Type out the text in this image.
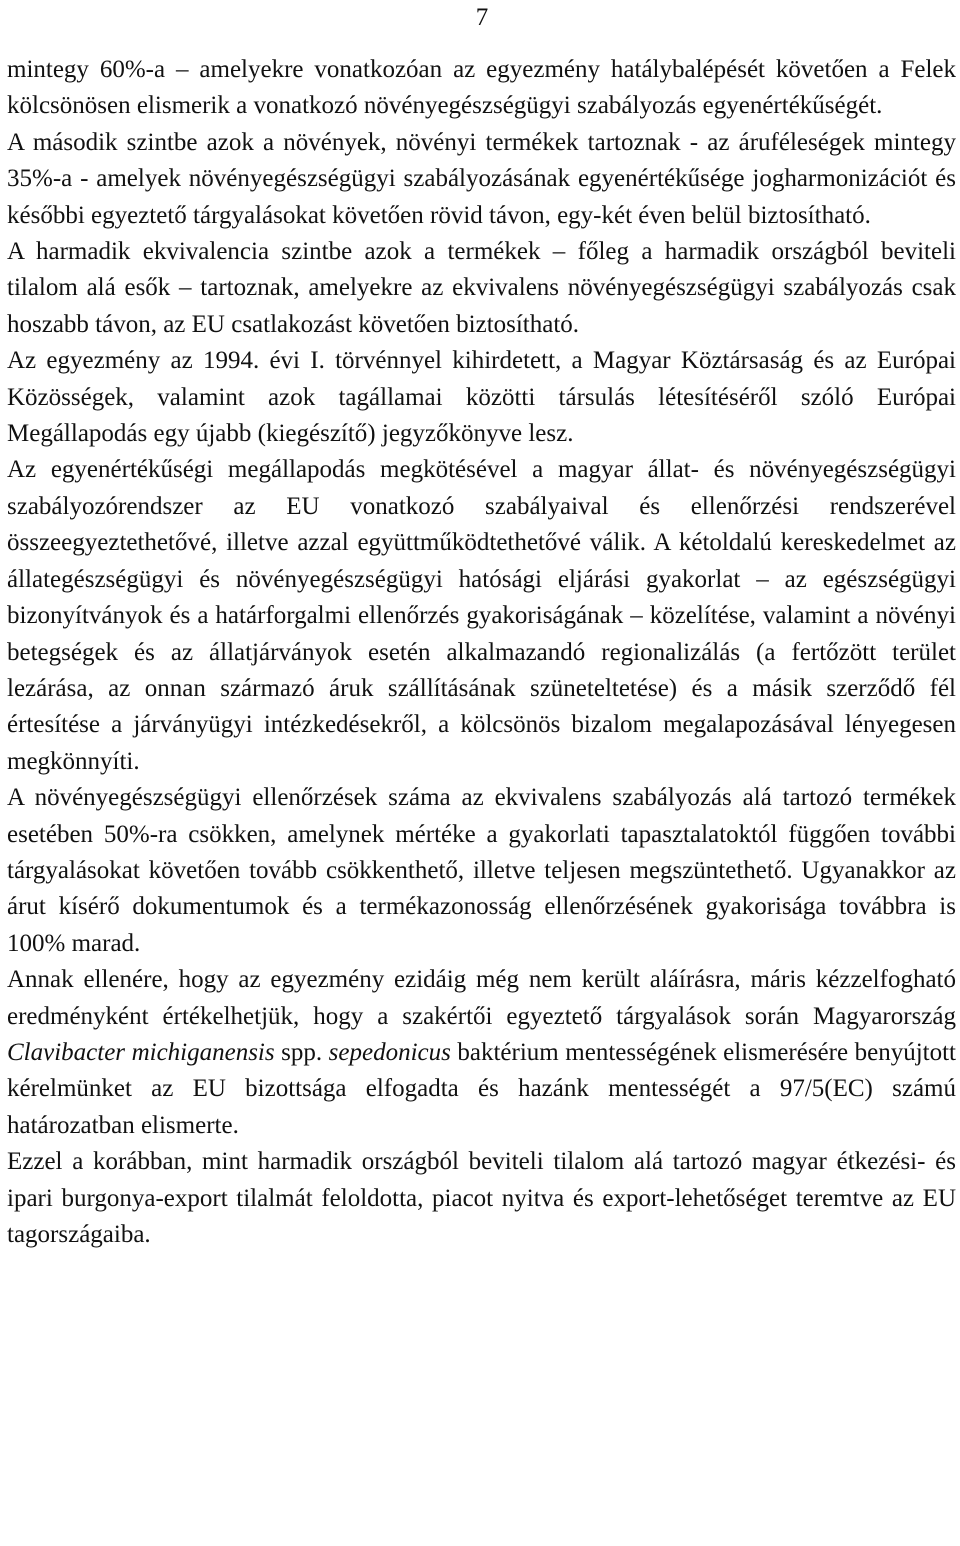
7

mintegy 60%-a – amelyekre vonatkozóan az egyezmény hatálybalépését követően a Felek kölcsönösen elismerik a vonatkozó növényegészségügyi szabályozás egyenértékűségét.

A második szintbe azok a növények, növényi termékek tartoznak - az áruféleségek mintegy 35%-a - amelyek növényegészségügyi szabályozásának egyenértékűsége jogharmonizációt és későbbi egyeztető tárgyalásokat követően rövid távon, egy-két éven belül biztosítható.

A harmadik ekvivalencia szintbe azok a termékek – főleg a harmadik országból beviteli tilalom alá esők – tartoznak, amelyekre az ekvivalens növényegészségügyi szabályozás csak hoszabb távon, az EU csatlakozást követően biztosítható.

Az egyezmény az 1994. évi I. törvénnyel kihirdetett, a Magyar Köztársaság és az Európai Közösségek, valamint azok tagállamai közötti társulás létesítéséről szóló Európai Megállapodás egy újabb (kiegészítő) jegyzőkönyve lesz.

Az egyenértékűségi megállapodás megkötésével a magyar állat- és növényegészségügyi szabályozórendszer az EU vonatkozó szabályaival és ellenőrzési rendszerével összeegyeztethetővé, illetve azzal együttműködtethetővé válik. A kétoldalú kereskedelmet az állategészségügyi és növényegészségügyi hatósági eljárási gyakorlat – az egészségügyi bizonyítványok és a határforgalmi ellenőrzés gyakoriságának – közelítése, valamint a növényi betegségek és az állatjárványok esetén alkalmazandó regionalizálás (a fertőzött terület lezárása, az onnan származó áruk szállításának szüneteltetése) és a másik szerződő fél értesítése a járványügyi intézkedésekről, a kölcsönös bizalom megalapozásával lényegesen megkönnyíti.

A növényegészségügyi ellenőrzések száma az ekvivalens szabályozás alá tartozó termékek esetében 50%-ra csökken, amelynek mértéke a gyakorlati tapasztalatoktól függően további tárgyalásokat követően tovább csökkenthető, illetve teljesen megszüntethető. Ugyanakkor az árut kísérő dokumentumok és a termékazonosság ellenőrzésének gyakorisága továbbra is 100% marad.

Annak ellenére, hogy az egyezmény ezidáig még nem került aláírásra, máris kézzelfogható eredményként értékelhetjük, hogy a szakértői egyeztető tárgyalások során Magyarország Clavibacter michiganensis spp. sepedonicus baktérium mentességének elismerésére benyújtott kérelmünket az EU bizottsága elfogadta és hazánk mentességét a 97/5(EC) számú határozatban elismerte.

Ezzel a korábban, mint harmadik országból beviteli tilalom alá tartozó magyar étkezési- és ipari burgonya-export tilalmát feloldotta, piacot nyitva és export-lehetőséget teremtve az EU tagországaiba.
